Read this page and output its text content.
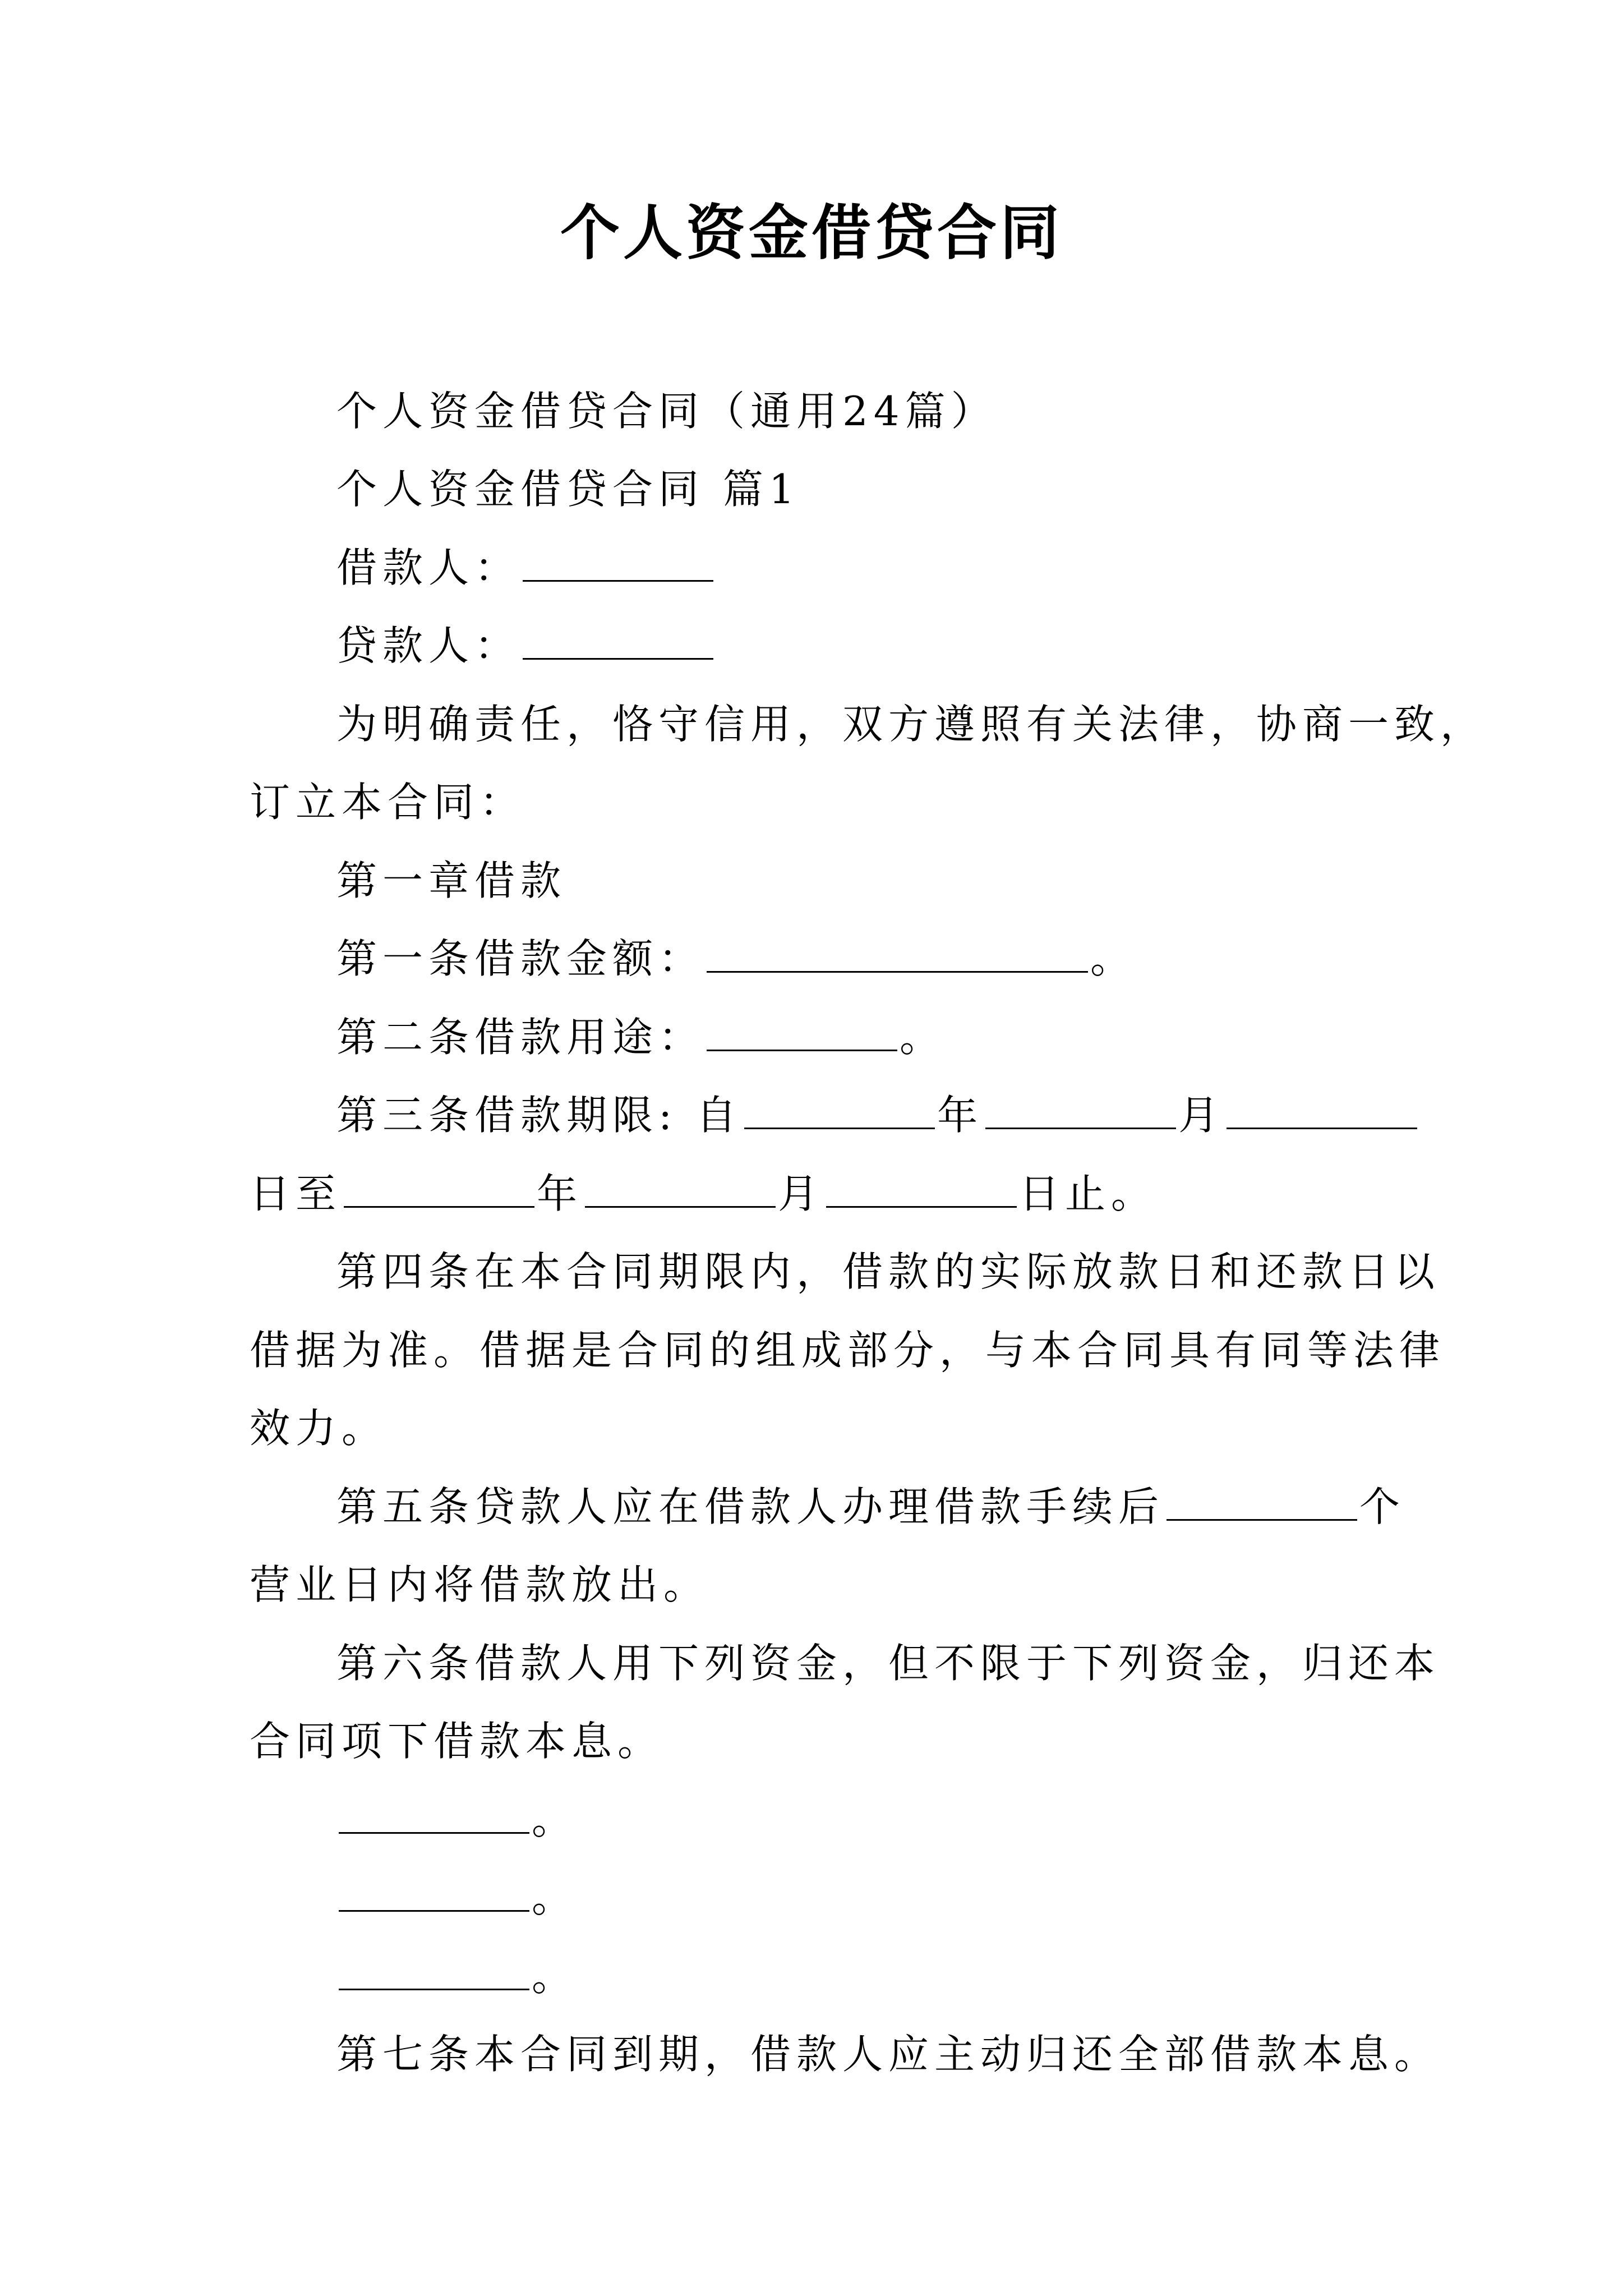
个人资金借贷合同
个人资金借贷合同（通用24篇）
个人资金借贷合同 篇1
借款人：
贷款人：
为明确责任，恪守信用，双方遵照有关法律，协商一致，
订立本合同：
第一章借款
第一条借款金额：	。
第二条借款用途：	。
第三条借款期限: 自	年	月
日至	年	月	日止。
第四条在本合同期限内，借款的实际放款日和还款日以
借据为准。借据是合同的组成部分，与本合同具有同等法律
效力。
第五条贷款人应在借款人办理借款手续后	个
营业日内将借款放出。
第六条借款人用下列资金，但不限于下列资金，归还本
合同项下借款本息。
。
。
。
第七条本合同到期，借款人应主动归还全部借款本息。
